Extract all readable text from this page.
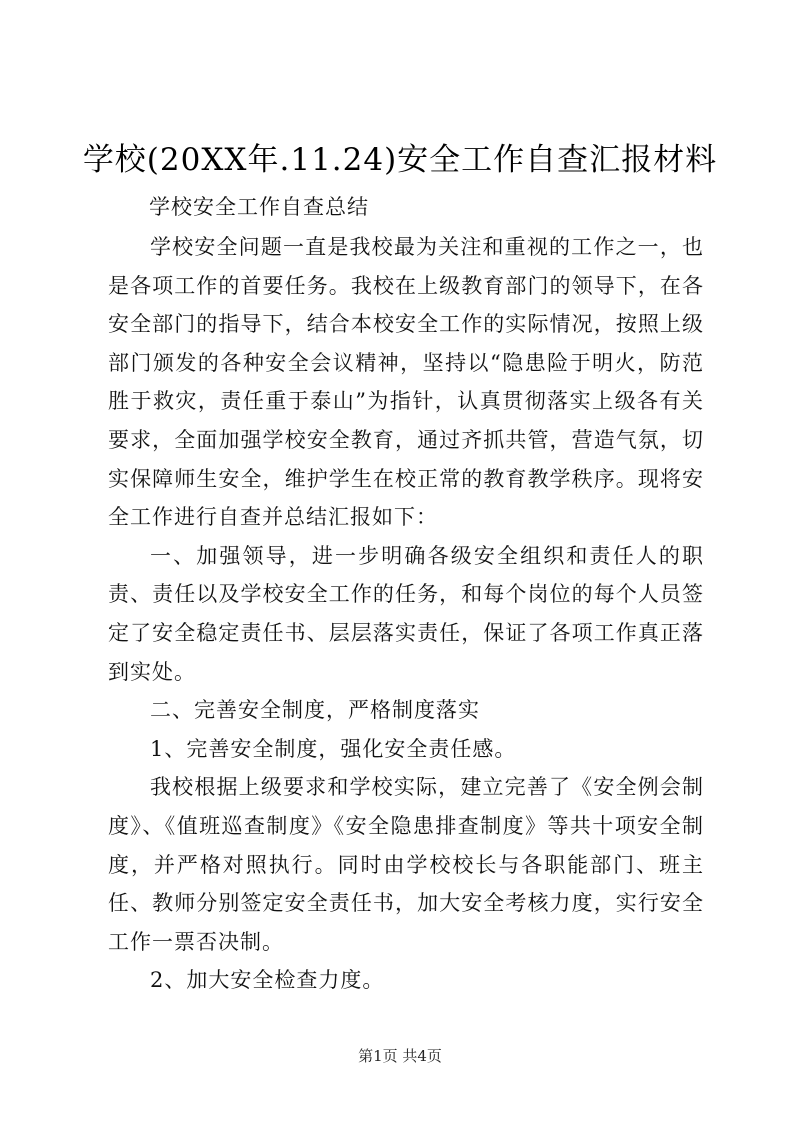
学校(20XX年.11.24)安全工作自查汇报材料
学校安全工作自查总结

学校安全问题一直是我校最为关注和重视的工作之一，也是各项工作的首要任务。我校在上级教育部门的领导下，在各安全部门的指导下，结合本校安全工作的实际情况，按照上级部门颁发的各种安全会议精神，坚持以“隐患险于明火，防范胜于救灾，责任重于泰山”为指针，认真贯彻落实上级各有关要求，全面加强学校安全教育，通过齐抓共管，营造气氛，切实保障师生安全，维护学生在校正常的教育教学秩序。现将安全工作进行自查并总结汇报如下：

一、加强领导，进一步明确各级安全组织和责任人的职责、责任以及学校安全工作的任务，和每个岗位的每个人员签定了安全稳定责任书、层层落实责任，保证了各项工作真正落到实处。

二、完善安全制度，严格制度落实

1、完善安全制度，强化安全责任感。

我校根据上级要求和学校实际，建立完善了《安全例会制度》、《值班巡查制度》《安全隐患排查制度》等共十项安全制度，并严格对照执行。同时由学校校长与各职能部门、班主任、教师分别签定安全责任书，加大安全考核力度，实行安全工作一票否决制。

2、加大安全检查力度。

第1页 共4页
